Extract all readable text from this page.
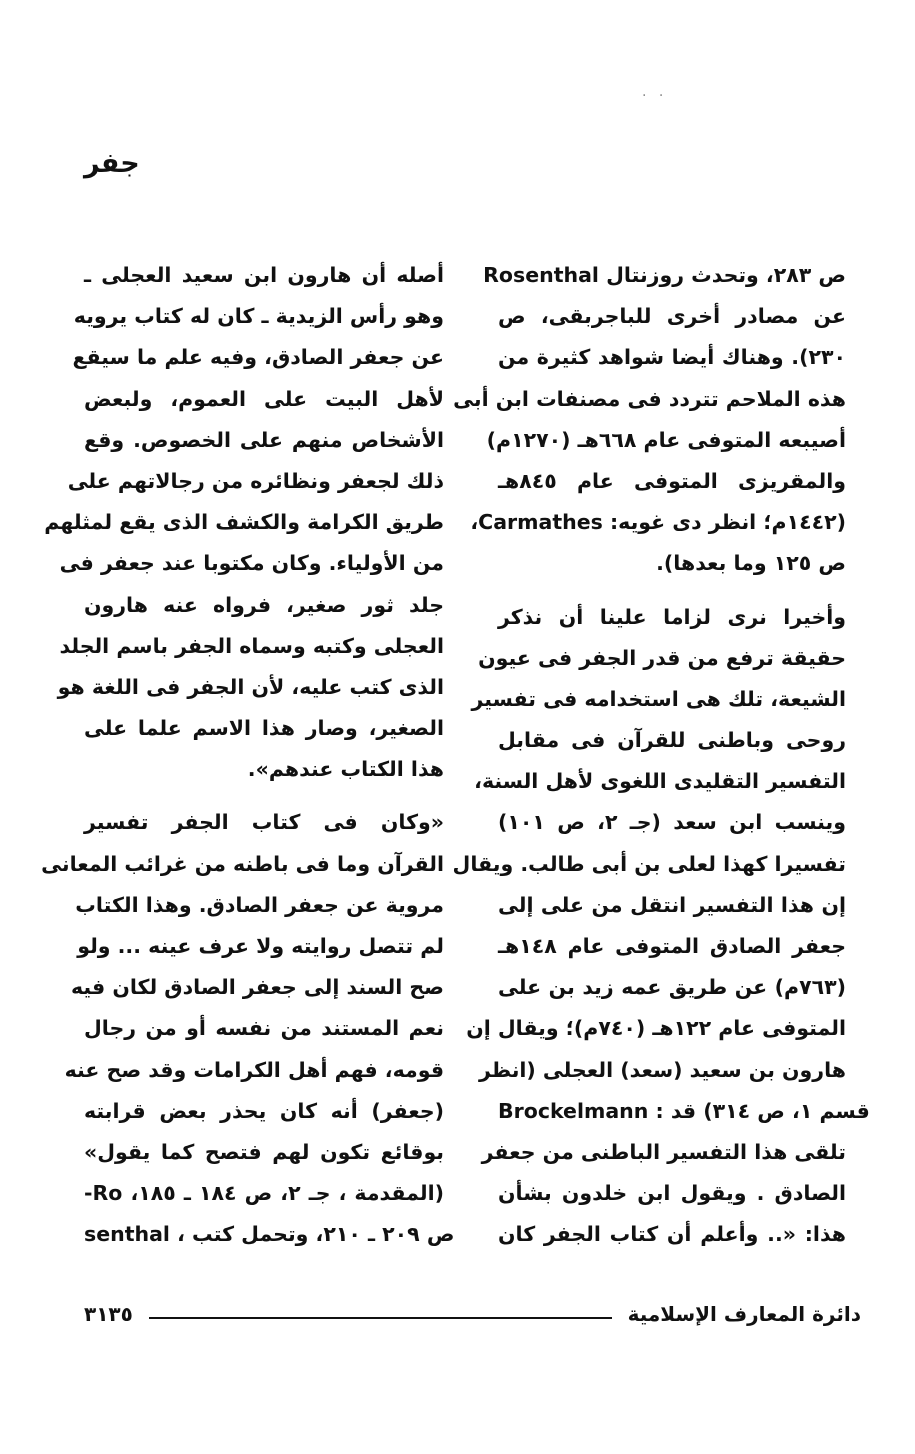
· ·
جفر
ص ٢٨٣، وتحدث روزنتال Rosenthal
عن مصادر أخرى للباجربقى، ص
٢٣٠). وهناك أيضا شواهد كثيرة من
هذه الملاحم تتردد فى مصنفات ابن أبى
أصيبعه المتوفى عام ٦٦٨هـ (١٢٧٠م)
والمقريزى المتوفى عام ٨٤٥هـ
(١٤٤٢م؛ انظر دى غويه: Carmathes،
ص ١٢٥ وما بعدها).
وأخيرا نرى لزاما علينا أن نذكر
حقيقة ترفع من قدر الجفر فى عيون
الشيعة، تلك هى استخدامه فى تفسير
روحى وباطنى للقرآن فى مقابل
التفسير التقليدى اللغوى لأهل السنة،
وينسب ابن سعد (جـ ٢، ص ١٠١)
تفسيرا كهذا لعلى بن أبى طالب. ويقال
إن هذا التفسير انتقل من على إلى
جعفر الصادق المتوفى عام ١٤٨هـ
(٧٦٣م) عن طريق عمه زيد بن على
المتوفى عام ١٢٢هـ (٧٤٠م)؛ ويقال إن
هارون بن سعيد (سعد) العجلى (انظر
Brockelmann : قسم ١، ص ٣١٤) قد
تلقى هذا التفسير الباطنى من جعفر
الصادق . ويقول ابن خلدون بشأن
هذا: «.. وأعلم أن كتاب الجفر كان
أصله أن هارون ابن سعيد العجلى ـ
وهو رأس الزيدية ـ كان له كتاب يرويه
عن جعفر الصادق، وفيه علم ما سيقع
لأهل البيت على العموم، ولبعض
الأشخاص منهم على الخصوص. وقع
ذلك لجعفر ونظائره من رجالاتهم على
طريق الكرامة والكشف الذى يقع لمثلهم
من الأولياء. وكان مكتوبا عند جعفر فى
جلد ثور صغير، فرواه عنه هارون
العجلى وكتبه وسماه الجفر باسم الجلد
الذى كتب عليه، لأن الجفر فى اللغة هو
الصغير، وصار هذا الاسم علما على
هذا الكتاب عندهم».
«وكان فى كتاب الجفر تفسير
القرآن وما فى باطنه من غرائب المعانى
مروية عن جعفر الصادق. وهذا الكتاب
لم تتصل روايته ولا عرف عينه ... ولو
صح السند إلى جعفر الصادق لكان فيه
نعم المستند من نفسه أو من رجال
قومه، فهم أهل الكرامات وقد صح عنه
(جعفر) أنه كان يحذر بعض قرابته
بوقائع تكون لهم فتصح كما يقول»
(المقدمة ، جـ ٢، ص ١٨٤ ـ ١٨٥، Ro-
senthal ، ص ٢٠٩ ـ ٢١٠، وتحمل كتب
٣١٣٥	دائرة المعارف الإسلامية
